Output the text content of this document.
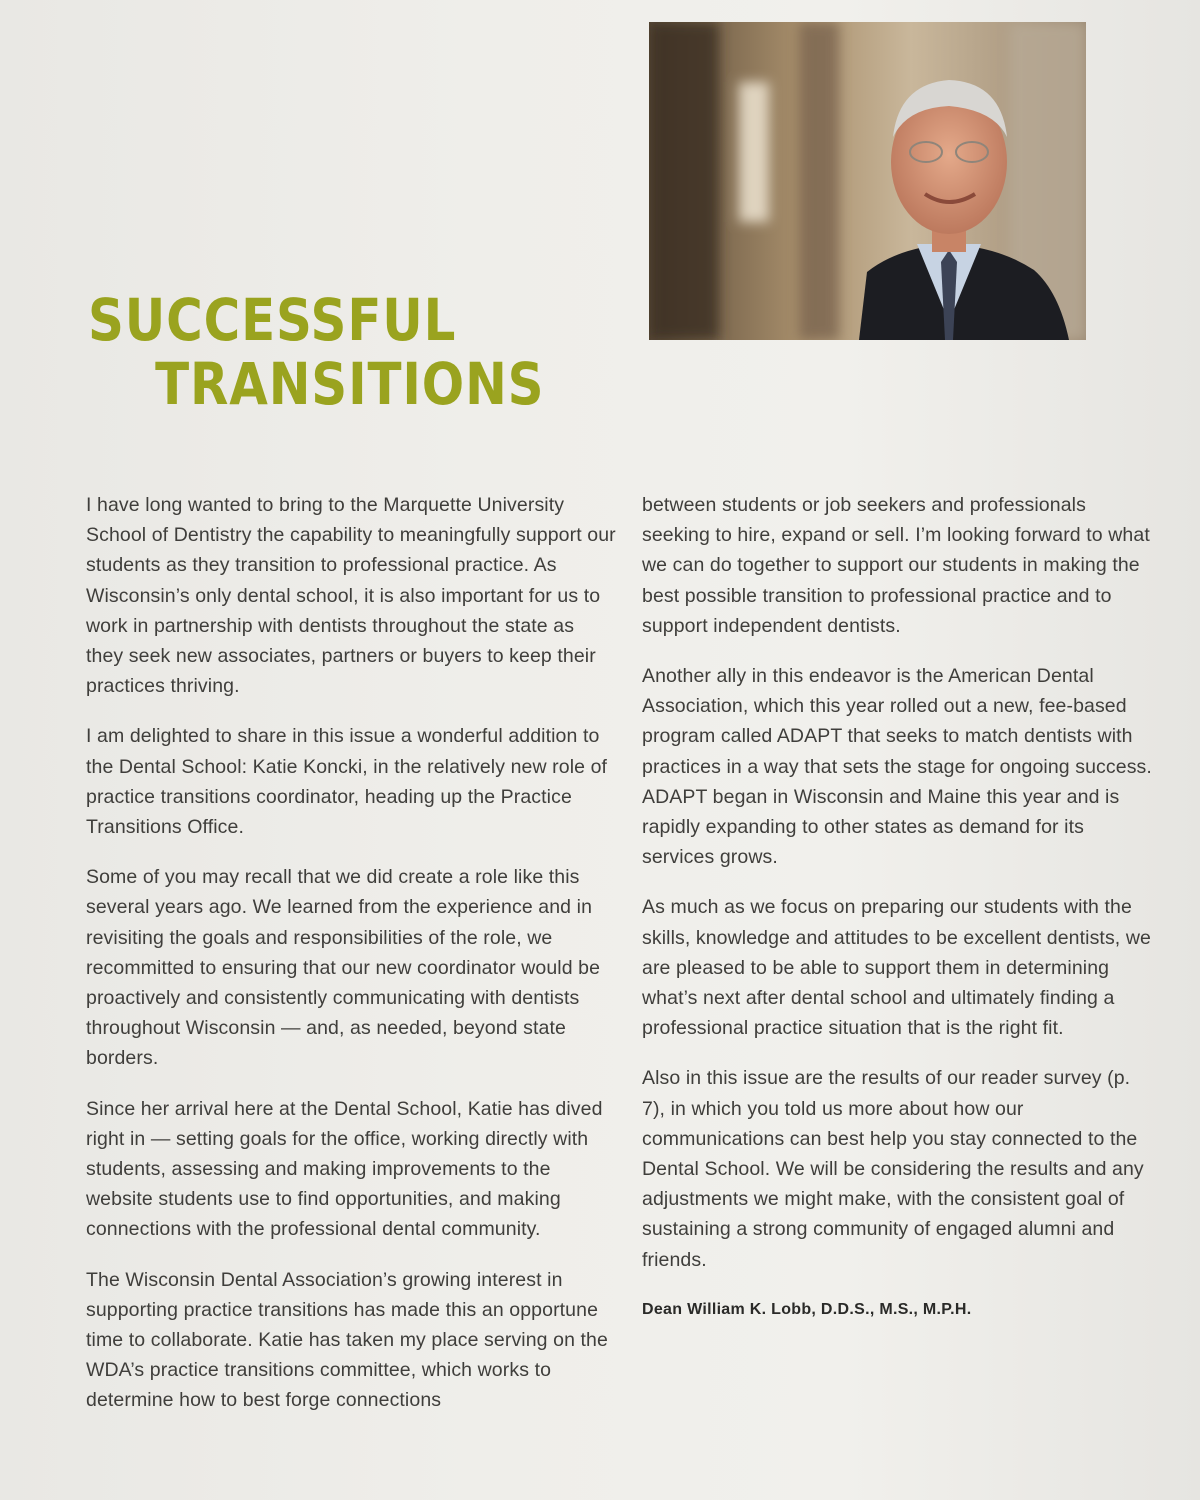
SUCCESSFUL
TRANSITIONS

I have long wanted to bring to the Marquette University School of Dentistry the capability to meaningfully support our students as they transition to professional practice. As Wisconsin’s only dental school, it is also important for us to work in partnership with dentists throughout the state as they seek new associates, partners or buyers to keep their practices thriving.

I am delighted to share in this issue a wonderful addition to the Dental School: Katie Koncki, in the relatively new role of practice transitions coordinator, heading up the Practice Transitions Office.

Some of you may recall that we did create a role like this several years ago. We learned from the experience and in revisiting the goals and responsibilities of the role, we recommitted to ensuring that our new coordinator would be proactively and consistently communicating with dentists throughout Wisconsin — and, as needed, beyond state borders.

Since her arrival here at the Dental School, Katie has dived right in — setting goals for the office, working directly with students, assessing and making improvements to the website students use to find opportunities, and making connections with the professional dental community.

The Wisconsin Dental Association’s growing interest in supporting practice transitions has made this an opportune time to collaborate. Katie has taken my place serving on the WDA’s practice transitions committee, which works to determine how to best forge connections

between students or job seekers and professionals seeking to hire, expand or sell. I’m looking forward to what we can do together to support our students in making the best possible transition to professional practice and to support independent dentists.

Another ally in this endeavor is the American Dental Association, which this year rolled out a new, fee-based program called ADAPT that seeks to match dentists with practices in a way that sets the stage for ongoing success. ADAPT began in Wisconsin and Maine this year and is rapidly expanding to other states as demand for its services grows.

As much as we focus on preparing our students with the skills, knowledge and attitudes to be excellent dentists, we are pleased to be able to support them in determining what’s next after dental school and ultimately finding a professional practice situation that is the right fit.

Also in this issue are the results of our reader survey (p. 7), in which you told us more about how our communications can best help you stay connected to the Dental School. We will be considering the results and any adjustments we might make, with the consistent goal of sustaining a strong community of engaged alumni and friends.

Dean William K. Lobb, D.D.S., M.S., M.P.H.
